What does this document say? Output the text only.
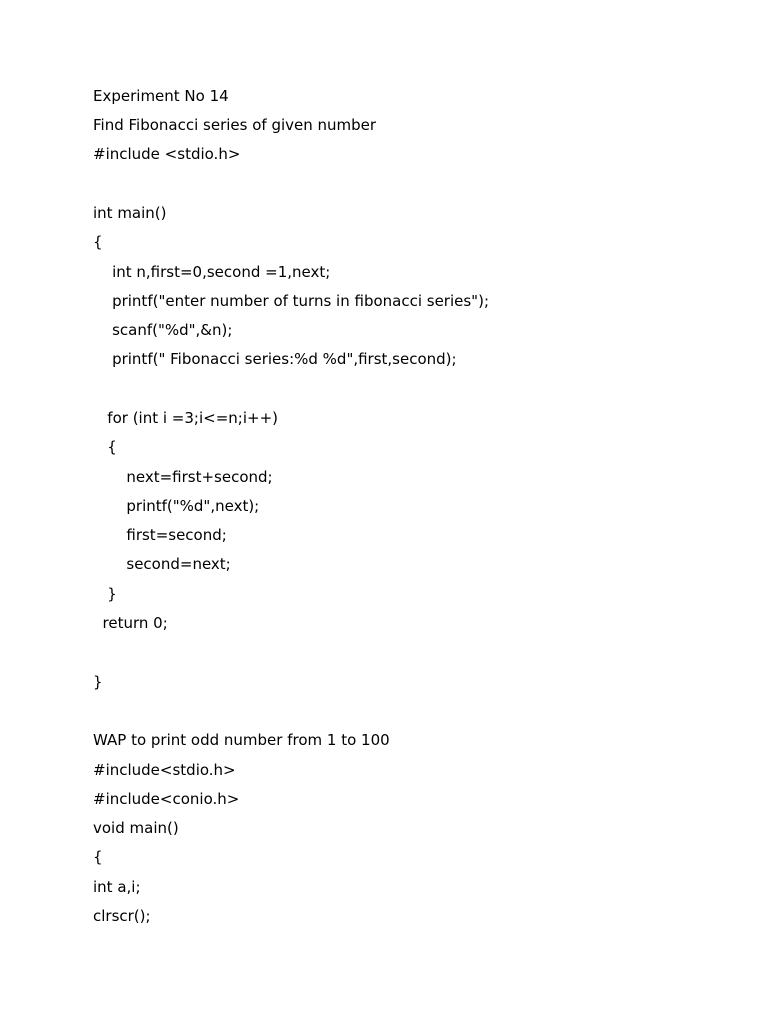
Experiment No 14

Find Fibonacci series of given number

#include <stdio.h>

int main()

{

int n,first=0,second =1,next;

printf("enter number of turns in fibonacci series");

scanf("%d",&n);

printf(" Fibonacci series:%d %d",first,second);

for (int i =3;i<=n;i++)

{

next=first+second;

printf("%d",next);

first=second;

second=next;

}

return 0;

}

WAP to print odd number from 1 to 100

#include<stdio.h>

#include<conio.h>

void main()

{

int a,i;

clrscr();
